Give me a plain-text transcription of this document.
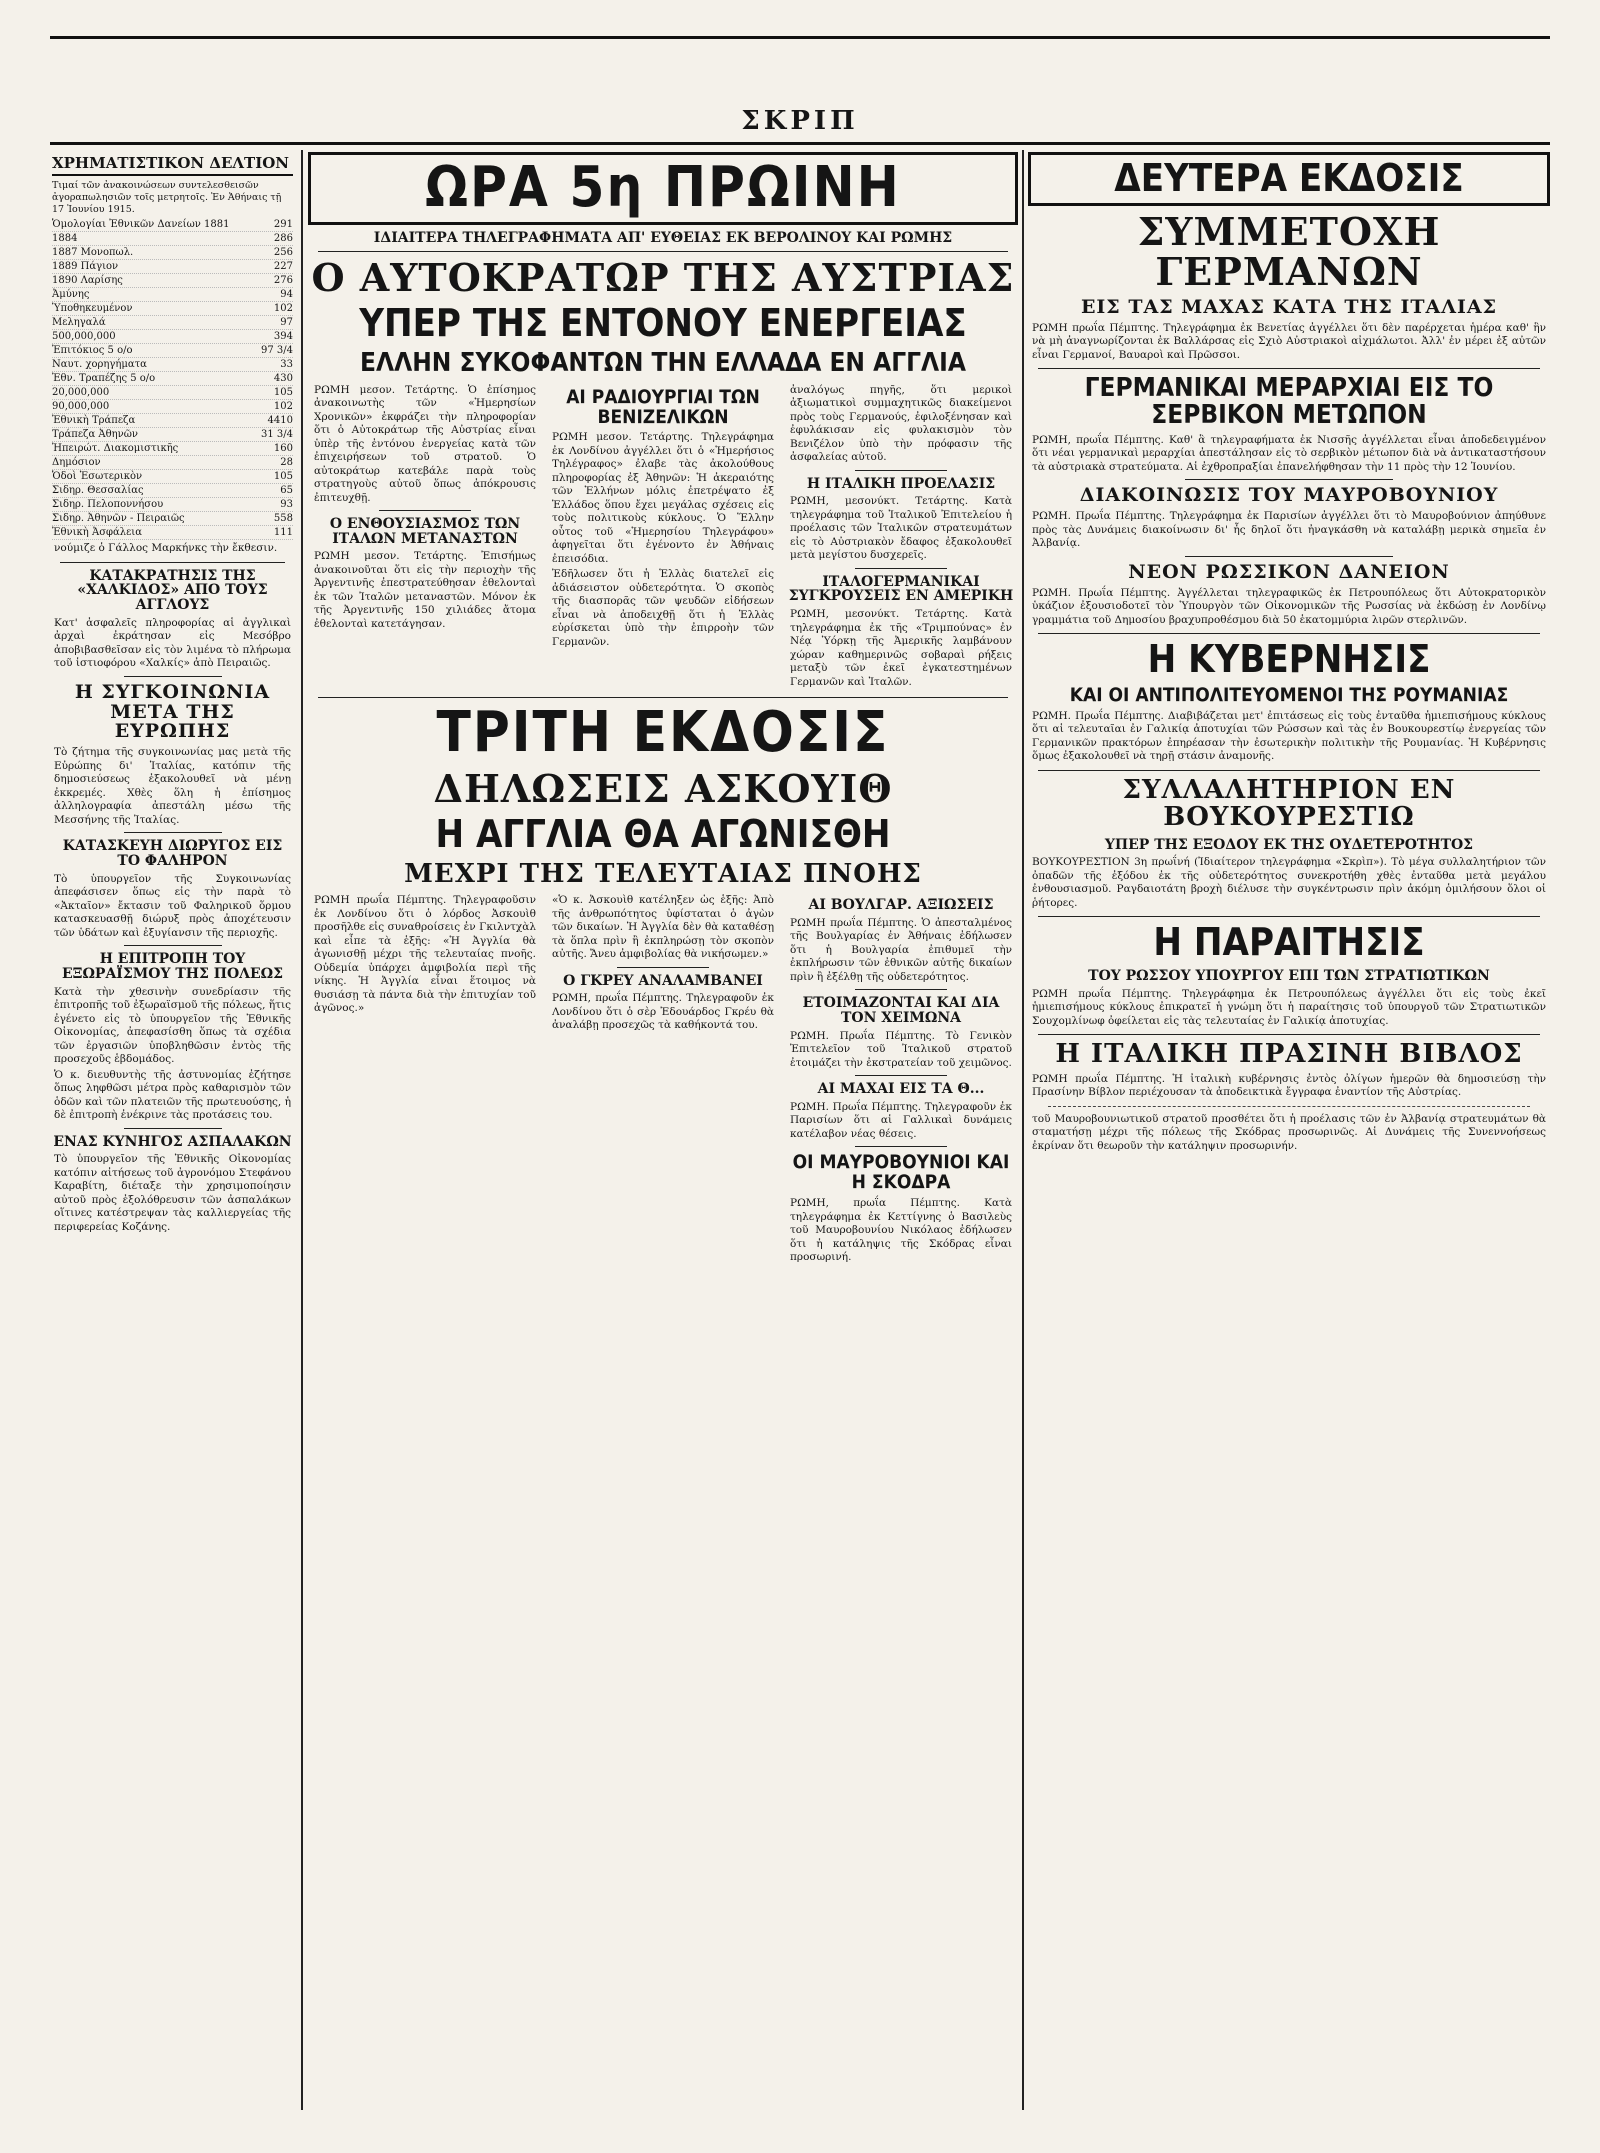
ΣΚΡΙΠ
ΧΡΗΜΑΤΙΣΤΙΚΟΝ ΔΕΛΤΙΟΝ
Τιμαί τῶν ἀνακοινώσεων συντελεσθεισῶν ἀγοραπωλησιῶν τοῖς μετρητοῖς. Ἐν Ἀθήναις τῇ 17 Ἰουνίου 1915.
Ὁμολογίαι Ἐθνικῶν Δανείων 1881	291
1884	286
1887 Μονοπωλ.	256
1889 Πάγιον	227
1890 Λαρίσης	276
Ἀμύνης	94
Ὑποθηκευμένον	102
Μεληγαλά	97
500,000,000	394
Ἐπιτόκιος 5 ο/ο	97 3/4
Ναυτ. χορηγήματα	33
Ἐθν. Τραπέζης 5 ο/ο	430
20,000,000	105
90,000,000	102
Ἐθνικὴ Τράπεζα	4410
Τράπεζα Ἀθηνῶν	31 3/4
Ἠπειρώτ. Διακομιστικῆς	160
Δημόσιον	28
Ὁδοὶ Ἐσωτερικὸν	105
Σιδηρ. Θεσσαλίας	65
Σιδηρ. Πελοποννήσου	93
Σιδηρ. Ἀθηνῶν - Πειραιῶς	558
Ἐθνικὴ Ἀσφάλεια	111
νούμιζε ὁ Γάλλος Μαρκήνκς τὴν ἔκθεσιν.
ΚΑΤΑΚΡΑΤΗΣΙΣ ΤΗΣ «ΧΑΛΚΙΔΟΣ» ΑΠΟ ΤΟΥΣ ΑΓΓΛΟΥΣ
Κατ' ἀσφαλεῖς πληροφορίας αἱ ἀγγλικαὶ ἀρχαὶ ἐκράτησαν εἰς Μεσόβρο ἀποβιβασθεῖσαν εἰς τὸν λιμένα τὸ πλήρωμα τοῦ ἱστιοφόρου «Χαλκίς» ἀπὸ Πειραιῶς.
Η ΣΥΓΚΟΙΝΩΝΙΑ ΜΕΤΑ ΤΗΣ ΕΥΡΩΠΗΣ
Τὸ ζήτημα τῆς συγκοινωνίας μας μετὰ τῆς Εὐρώπης δι' Ἰταλίας, κατόπιν τῆς δημοσιεύσεως ἐξακολουθεῖ νὰ μένῃ ἐκκρεμές. Χθὲς ὅλη ἡ ἐπίσημος ἀλληλογραφία ἀπεστάλη μέσω τῆς Μεσσήνης τῆς Ἰταλίας.
ΚΑΤΑΣΚΕΥΗ ΔΙΩΡΥΓΟΣ ΕΙΣ ΤΟ ΦΑΛΗΡΟΝ
Τὸ ὑπουργεῖον τῆς Συγκοινωνίας ἀπεφάσισεν ὅπως εἰς τὴν παρὰ τὸ «Ἀκταῖον» ἔκτασιν τοῦ Φαληρικοῦ ὅρμου κατασκευασθῇ διώρυξ πρὸς ἀποχέτευσιν τῶν ὑδάτων καὶ ἐξυγίανσιν τῆς περιοχῆς.
Η ΕΠΙΤΡΟΠΗ ΤΟΥ ΕΞΩΡΑΪΣΜΟΥ ΤΗΣ ΠΟΛΕΩΣ
Κατὰ τὴν χθεσινὴν συνεδρίασιν τῆς ἐπιτροπῆς τοῦ ἐξωραϊσμοῦ τῆς πόλεως, ἥτις ἐγένετο εἰς τὸ ὑπουργεῖον τῆς Ἐθνικῆς Οἰκονομίας, ἀπεφασίσθη ὅπως τὰ σχέδια τῶν ἐργασιῶν ὑποβληθῶσιν ἐντὸς τῆς προσεχοῦς ἑβδομάδος.
Ὁ κ. διευθυντὴς τῆς ἀστυνομίας ἐζήτησε ὅπως ληφθῶσι μέτρα πρὸς καθαρισμὸν τῶν ὁδῶν καὶ τῶν πλατειῶν τῆς πρωτευούσης, ἡ δὲ ἐπιτροπὴ ἐνέκρινε τὰς προτάσεις του.
ΕΝΑΣ ΚΥΝΗΓΟΣ ΑΣΠΑΛΑΚΩΝ
Τὸ ὑπουργεῖον τῆς Ἐθνικῆς Οἰκονομίας κατόπιν αἰτήσεως τοῦ ἀγρονόμου Στεφάνου Καραβίτη, διέταξε τὴν χρησιμοποίησιν αὐτοῦ πρὸς ἐξολόθρευσιν τῶν ἀσπαλάκων οἵτινες κατέστρεψαν τὰς καλλιεργείας τῆς περιφερείας Κοζάνης.
ΩΡΑ 5η ΠΡΩΙΝΗ
ΙΔΙΑΙΤΕΡΑ ΤΗΛΕΓΡΑΦΗΜΑΤΑ ΑΠ' ΕΥΘΕΙΑΣ ΕΚ ΒΕΡΟΛΙΝΟΥ ΚΑΙ ΡΩΜΗΣ
Ο ΑΥΤΟΚΡΑΤΩΡ ΤΗΣ ΑΥΣΤΡΙΑΣ
ΥΠΕΡ ΤΗΣ ΕΝΤΟΝΟΥ ΕΝΕΡΓΕΙΑΣ
ΕΛΛΗΝ ΣΥΚΟΦΑΝΤΩΝ ΤΗΝ ΕΛΛΑΔΑ ΕΝ ΑΓΓΛΙΑ
ΡΩΜΗ μεσον. Τετάρτης. Ὁ ἐπίσημος ἀνακοινωτὴς τῶν «Ἡμερησίων Χρονικῶν» ἐκφράζει τὴν πληροφορίαν ὅτι ὁ Αὐτοκράτωρ τῆς Αὐστρίας εἶναι ὑπὲρ τῆς ἐντόνου ἐνεργείας κατὰ τῶν ἐπιχειρήσεων τοῦ στρατοῦ. Ὁ αὐτοκράτωρ κατεβάλε παρὰ τοὺς στρατηγοὺς αὐτοῦ ὅπως ἀπόκρουσις ἐπιτευχθῇ.
Ο ΕΝΘΟΥΣΙΑΣΜΟΣ ΤΩΝ ΙΤΑΛΩΝ ΜΕΤΑΝΑΣΤΩΝ
ΡΩΜΗ μεσον. Τετάρτης. Ἐπισήμως ἀνακοινοῦται ὅτι εἰς τὴν περιοχὴν τῆς Ἀργεντινῆς ἐπεστρατεύθησαν ἐθελονταὶ ἐκ τῶν Ἰταλῶν μεταναστῶν. Μόνον ἐκ τῆς Ἀργεντινῆς 150 χιλιάδες ἄτομα ἐθελονταὶ κατετάγησαν.
ΑΙ ΡΑΔΙΟΥΡΓΙΑΙ ΤΩΝ ΒΕΝΙΖΕΛΙΚΩΝ
ΡΩΜΗ μεσον. Τετάρτης. Τηλεγράφημα ἐκ Λονδίνου ἀγγέλλει ὅτι ὁ «Ἡμερήσιος Τηλέγραφος» ἐλαβε τὰς ἀκολούθους πληροφορίας ἐξ Ἀθηνῶν: Ἡ ἀκεραιότης τῶν Ἑλλήνων μόλις ἐπετρέψατο ἐξ Ἑλλάδος ὅπου ἔχει μεγάλας σχέσεις εἰς τοὺς πολιτικοὺς κύκλους. Ὁ Ἕλλην οὗτος τοῦ «Ἡμερησίου Τηλεγράφου» ἀφηγεῖται ὅτι ἐγένοντο ἐν Ἀθήναις ἐπεισόδια.
Ἐδῆλωσεν ὅτι ἡ Ἑλλὰς διατελεῖ εἰς ἀδιάσειστον οὐδετερότητα. Ὁ σκοπὸς τῆς διασπορᾶς τῶν ψευδῶν εἰδήσεων εἶναι νὰ ἀποδειχθῇ ὅτι ἡ Ἑλλὰς εὑρίσκεται ὑπὸ τὴν ἐπιρροὴν τῶν Γερμανῶν.
ἀναλόγως πηγῆς, ὅτι μερικοὶ ἀξιωματικοὶ συμμαχητικῶς διακείμενοι πρὸς τοὺς Γερμανούς, ἐφιλοξένησαν καὶ ἐφυλάκισαν εἰς φυλακισμὸν τὸν Βενιζέλον ὑπὸ τὴν πρόφασιν τῆς ἀσφαλείας αὐτοῦ.
Η ΙΤΑΛΙΚΗ ΠΡΟΕΛΑΣΙΣ
ΡΩΜΗ, μεσονύκτ. Τετάρτης. Κατὰ τηλεγράφημα τοῦ Ἰταλικοῦ Ἐπιτελείου ἡ προέλασις τῶν Ἰταλικῶν στρατευμάτων εἰς τὸ Αὐστριακὸν ἔδαφος ἐξακολουθεῖ μετὰ μεγίστου δυσχερεῖς.
ΙΤΑΛΟΓΕΡΜΑΝΙΚΑΙ ΣΥΓΚΡΟΥΣΕΙΣ ΕΝ ΑΜΕΡΙΚΗ
ΡΩΜΗ, μεσονύκτ. Τετάρτης. Κατὰ τηλεγράφημα ἐκ τῆς «Τριμπούνας» ἐν Νέᾳ Ὑόρκῃ τῆς Ἀμερικῆς λαμβάνουν χώραν καθημερινῶς σοβαραὶ ρήξεις μεταξὺ τῶν ἐκεῖ ἐγκατεστημένων Γερμανῶν καὶ Ἰταλῶν.
ΤΡΙΤΗ ΕΚΔΟΣΙΣ
ΔΗΛΩΣΕΙΣ ΑΣΚΟΥΙΘ
Η ΑΓΓΛΙΑ ΘΑ ΑΓΩΝΙΣΘΗ
ΜΕΧΡΙ ΤΗΣ ΤΕΛΕΥΤΑΙΑΣ ΠΝΟΗΣ
ΡΩΜΗ πρωΐα Πέμπτης. Τηλεγραφοῦσιν ἐκ Λονδίνου ὅτι ὁ λόρδος Ἀσκουὶθ προσῆλθε εἰς συναθροίσεις ἐν Γκιλντχὰλ καὶ εἶπε τὰ ἑξῆς: «Ἡ Ἀγγλία θὰ ἀγωνισθῇ μέχρι τῆς τελευταίας πνοῆς. Οὐδεμία ὑπάρχει ἀμφιβολία περὶ τῆς νίκης. Ἡ Ἀγγλία εἶναι ἕτοιμος νὰ θυσιάσῃ τὰ πάντα διὰ τὴν ἐπιτυχίαν τοῦ ἀγῶνος.»
«Ὁ κ. Ἀσκουὶθ κατέληξεν ὡς ἑξῆς: Ἀπὸ τῆς ἀνθρωπότητος ὑφίσταται ὁ ἀγὼν τῶν δικαίων. Ἡ Ἀγγλία δὲν θὰ καταθέσῃ τὰ ὅπλα πρὶν ἢ ἐκπληρώσῃ τὸν σκοπὸν αὐτῆς. Ἄνευ ἀμφιβολίας θὰ νικήσωμεν.»
Ο ΓΚΡΕΥ ΑΝΑΛΑΜΒΑΝΕΙ
ΡΩΜΗ, πρωΐα Πέμπτης. Τηλεγραφοῦν ἐκ Λονδίνου ὅτι ὁ σὲρ Ἐδουάρδος Γκρέυ θὰ ἀναλάβῃ προσεχῶς τὰ καθήκοντά του.
ΑΙ ΒΟΥΛΓΑΡ. ΑΞΙΩΣΕΙΣ
ΡΩΜΗ πρωΐα Πέμπτης. Ὁ ἀπεσταλμένος τῆς Βουλγαρίας ἐν Ἀθήναις ἐδήλωσεν ὅτι ἡ Βουλγαρία ἐπιθυμεῖ τὴν ἐκπλήρωσιν τῶν ἐθνικῶν αὐτῆς δικαίων πρὶν ἢ ἐξέλθῃ τῆς οὐδετερότητος.
ΕΤΟΙΜΑΖΟΝΤΑΙ ΚΑΙ ΔΙΑ ΤΟΝ ΧΕΙΜΩΝΑ
ΡΩΜΗ. Πρωΐα Πέμπτης. Τὸ Γενικὸν Ἐπιτελεῖον τοῦ Ἰταλικοῦ στρατοῦ ἐτοιμάζει τὴν ἐκστρατείαν τοῦ χειμῶνος.
ΑΙ ΜΑΧΑΙ ΕΙΣ ΤΑ Θ...
ΡΩΜΗ. Πρωΐα Πέμπτης. Τηλεγραφοῦν ἐκ Παρισίων ὅτι αἱ Γαλλικαὶ δυνάμεις κατέλαβον νέας θέσεις.
ΟΙ ΜΑΥΡΟΒΟΥΝΙΟΙ ΚΑΙ Η ΣΚΟΔΡΑ
ΡΩΜΗ, πρωΐα Πέμπτης. Κατὰ τηλεγράφημα ἐκ Κεττίγνης ὁ Βασιλεὺς τοῦ Μαυροβουνίου Νικόλαος ἐδήλωσεν ὅτι ἡ κατάληψις τῆς Σκόδρας εἶναι προσωρινή.
ΔΕΥΤΕΡΑ ΕΚΔΟΣΙΣ
ΣΥΜΜΕΤΟΧΗ ΓΕΡΜΑΝΩΝ
ΕΙΣ ΤΑΣ ΜΑΧΑΣ ΚΑΤΑ ΤΗΣ ΙΤΑΛΙΑΣ
ΡΩΜΗ πρωΐα Πέμπτης. Τηλεγράφημα ἐκ Βενετίας ἀγγέλλει ὅτι δὲν παρέρχεται ἡμέρα καθ' ἣν νὰ μὴ ἀναγνωρίζονται ἐκ Βαλλάρσας εἰς Σχιὸ Αὐστριακοὶ αἰχμάλωτοι. Ἀλλ' ἐν μέρει ἐξ αὐτῶν εἶναι Γερμανοί, Βαυαροὶ καὶ Πρῶσσοι.
ΓΕΡΜΑΝΙΚΑΙ ΜΕΡΑΡΧΙΑΙ ΕΙΣ ΤΟ ΣΕΡΒΙΚΟΝ ΜΕΤΩΠΟΝ
ΡΩΜΗ, πρωΐα Πέμπτης. Καθ' ἃ τηλεγραφήματα ἐκ Νισσῆς ἀγγέλλεται εἶναι ἀποδεδειγμένον ὅτι νέαι γερμανικαὶ μεραρχίαι ἀπεστάλησαν εἰς τὸ σερβικὸν μέτωπον διὰ νὰ ἀντικαταστήσουν τὰ αὐστριακὰ στρατεύματα. Αἱ ἐχθροπραξίαι ἐπανελήφθησαν τὴν 11 πρὸς τὴν 12 Ἰουνίου.
ΔΙΑΚΟΙΝΩΣΙΣ ΤΟΥ ΜΑΥΡΟΒΟΥΝΙΟΥ
ΡΩΜΗ. Πρωΐα Πέμπτης. Τηλεγράφημα ἐκ Παρισίων ἀγγέλλει ὅτι τὸ Μαυροβούνιον ἀπηύθυνε πρὸς τὰς Δυνάμεις διακοίνωσιν δι' ἧς δηλοῖ ὅτι ἠναγκάσθη νὰ καταλάβῃ μερικὰ σημεῖα ἐν Ἀλβανίᾳ.
ΝΕΟΝ ΡΩΣΣΙΚΟΝ ΔΑΝΕΙΟΝ
ΡΩΜΗ. Πρωΐα Πέμπτης. Ἀγγέλλεται τηλεγραφικῶς ἐκ Πετρουπόλεως ὅτι Αὐτοκρατορικὸν ὑκάζιον ἐξουσιοδοτεῖ τὸν Ὑπουργὸν τῶν Οἰκονομικῶν τῆς Ρωσσίας νὰ ἐκδώσῃ ἐν Λονδίνῳ γραμμάτια τοῦ Δημοσίου βραχυπροθέσμου διὰ 50 ἑκατομμύρια λιρῶν στερλινῶν.
Η ΚΥΒΕΡΝΗΣΙΣ
ΚΑΙ ΟΙ ΑΝΤΙΠΟΛΙΤΕΥΟΜΕΝΟΙ ΤΗΣ ΡΟΥΜΑΝΙΑΣ
ΡΩΜΗ. Πρωΐα Πέμπτης. Διαβιβάζεται μετ' ἐπιτάσεως εἰς τοὺς ἐνταῦθα ἡμιεπισήμους κύκλους ὅτι αἱ τελευταῖαι ἐν Γαλικίᾳ ἀποτυχίαι τῶν Ρώσσων καὶ τὰς ἐν Βουκουρεστίῳ ἐνεργείας τῶν Γερμανικῶν πρακτόρων ἐπηρέασαν τὴν ἐσωτερικὴν πολιτικὴν τῆς Ρουμανίας. Ἡ Κυβέρνησις ὅμως ἐξακολουθεῖ νὰ τηρῇ στάσιν ἀναμονῆς.
ΣΥΛΛΑΛΗΤΗΡΙΟΝ ΕΝ ΒΟΥΚΟΥΡΕΣΤΙΩ
ΥΠΕΡ ΤΗΣ ΕΞΟΔΟΥ ΕΚ ΤΗΣ ΟΥΔΕΤΕΡΟΤΗΤΟΣ
ΒΟΥΚΟΥΡΕΣΤΙΟΝ 3η πρωΐνή (Ἰδιαίτερον τηλεγράφημα «Σκρὶπ»). Τὸ μέγα συλλαλητήριον τῶν ὀπαδῶν τῆς ἐξόδου ἐκ τῆς οὐδετερότητος συνεκροτήθη χθὲς ἐνταῦθα μετὰ μεγάλου ἐνθουσιασμοῦ. Ραγδαιοτάτη βροχὴ διέλυσε τὴν συγκέντρωσιν πρὶν ἀκόμη ὁμιλήσουν ὅλοι οἱ ῥήτορες.
Η ΠΑΡΑΙΤΗΣΙΣ
ΤΟΥ ΡΩΣΣΟΥ ΥΠΟΥΡΓΟΥ ΕΠΙ ΤΩΝ ΣΤΡΑΤΙΩΤΙΚΩΝ
ΡΩΜΗ πρωΐα Πέμπτης. Τηλεγράφημα ἐκ Πετρουπόλεως ἀγγέλλει ὅτι εἰς τοὺς ἐκεῖ ἡμιεπισήμους κύκλους ἐπικρατεῖ ἡ γνώμη ὅτι ἡ παραίτησις τοῦ ὑπουργοῦ τῶν Στρατιωτικῶν Σουχομλίνωφ ὀφείλεται εἰς τὰς τελευταίας ἐν Γαλικίᾳ ἀποτυχίας.
Η ΙΤΑΛΙΚΗ ΠΡΑΣΙΝΗ ΒΙΒΛΟΣ
ΡΩΜΗ πρωΐα Πέμπτης. Ἡ ἰταλικὴ κυβέρνησις ἐντὸς ὀλίγων ἡμερῶν θὰ δημοσιεύσῃ τὴν Πρασίνην Βίβλον περιέχουσαν τὰ ἀποδεικτικὰ ἔγγραφα ἐναντίον τῆς Αὐστρίας.
τοῦ Μαυροβουνιωτικοῦ στρατοῦ προσθέτει ὅτι ἡ προέλασις τῶν ἐν Ἀλβανίᾳ στρατευμάτων θὰ σταματήσῃ μέχρι τῆς πόλεως τῆς Σκόδρας προσωρινῶς. Αἱ Δυνάμεις τῆς Συνεννοήσεως ἐκρίναν ὅτι θεωροῦν τὴν κατάληψιν προσωρινήν.
